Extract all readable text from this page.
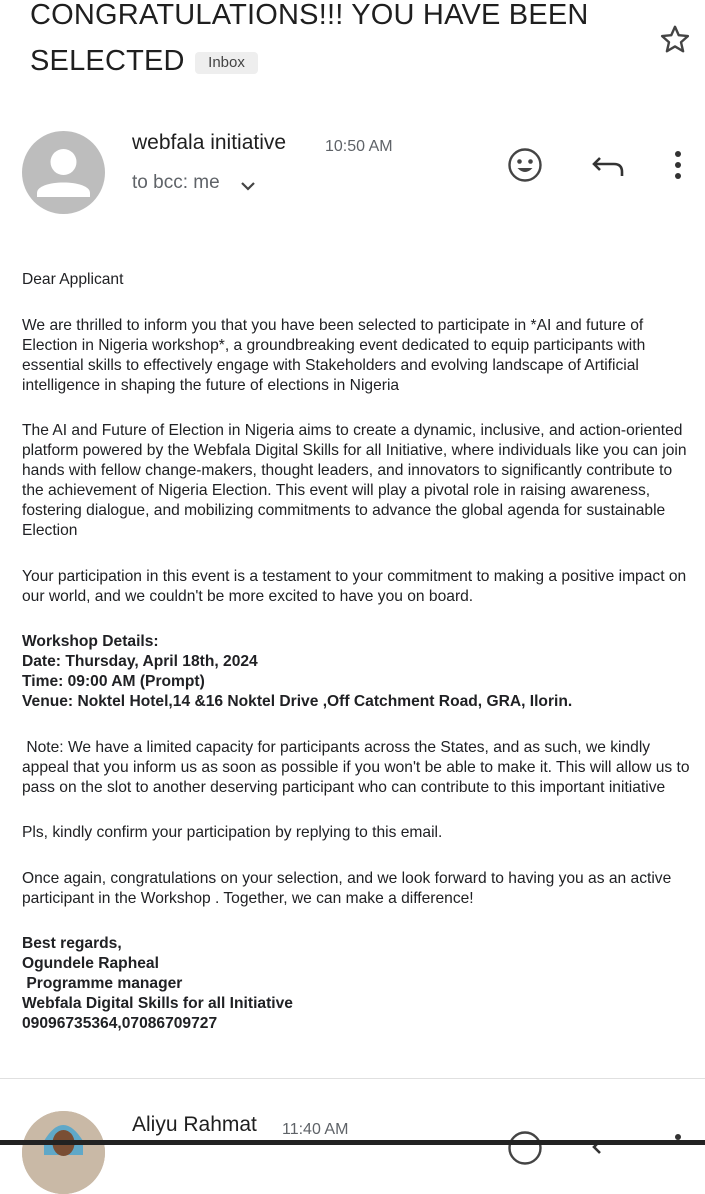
CONGRATULATIONS!!! YOU HAVE BEEN SELECTED Inbox
webfala initiative 10:50 AM
to bcc: me

Dear Applicant

We are thrilled to inform you that you have been selected to participate in *AI and future of Election in Nigeria workshop*, a groundbreaking event dedicated to equip participants with essential skills to effectively engage with Stakeholders and evolving landscape of Artificial intelligence in shaping the future of elections in Nigeria

The AI and Future of Election in Nigeria aims to create a dynamic, inclusive, and action-oriented platform powered by the Webfala Digital Skills for all Initiative, where individuals like you can join hands with fellow change-makers, thought leaders, and innovators to significantly contribute to the achievement of Nigeria Election. This event will play a pivotal role in raising awareness, fostering dialogue, and mobilizing commitments to advance the global agenda for sustainable Election

Your participation in this event is a testament to your commitment to making a positive impact on our world, and we couldn't be more excited to have you on board.

Workshop Details:
Date: Thursday, April 18th, 2024
Time: 09:00 AM (Prompt)
Venue: Noktel Hotel,14 &16 Noktel Drive ,Off Catchment Road, GRA, Ilorin.

Note: We have a limited capacity for participants across the States, and as such, we kindly appeal that you inform us as soon as possible if you won't be able to make it. This will allow us to pass on the slot to another deserving participant who can contribute to this important initiative

Pls, kindly confirm your participation by replying to this email.

Once again, congratulations on your selection, and we look forward to having you as an active participant in the Workshop . Together, we can make a difference!

Best regards,
Ogundele Rapheal
Programme manager
Webfala Digital Skills for all Initiative
09096735364,07086709727

Aliyu Rahmat 11:40 AM
